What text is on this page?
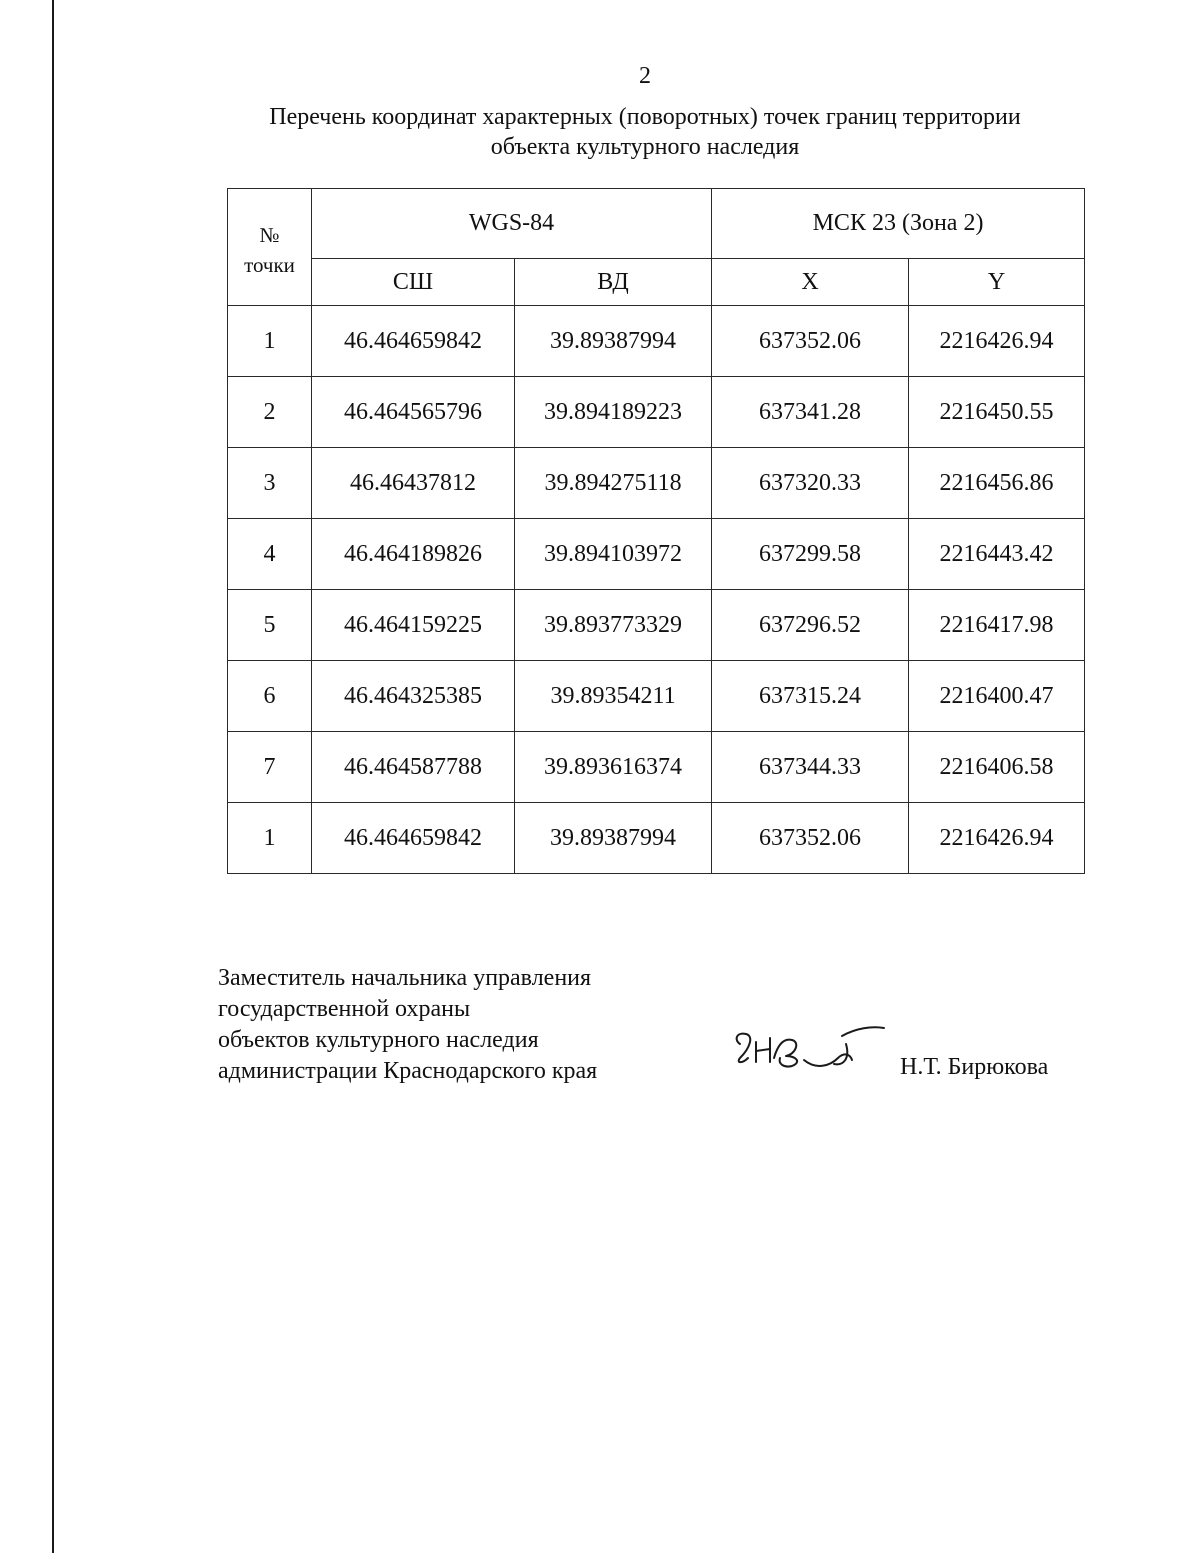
2
Перечень координат характерных (поворотных) точек границ территории
объекта культурного наследия
№
точки	WGS-84		МСК 23 (Зона 2)	
	СШ	ВД	X	Y
1	46.464659842	39.89387994	637352.06	2216426.94
2	46.464565796	39.894189223	637341.28	2216450.55
3	46.46437812	39.894275118	637320.33	2216456.86
4	46.464189826	39.894103972	637299.58	2216443.42
5	46.464159225	39.893773329	637296.52	2216417.98
6	46.464325385	39.89354211	637315.24	2216400.47
7	46.464587788	39.893616374	637344.33	2216406.58
1	46.464659842	39.89387994	637352.06	2216426.94
Заместитель начальника управления
государственной охраны
объектов культурного наследия
администрации Краснодарского края	Н.Т. Бирюкова
